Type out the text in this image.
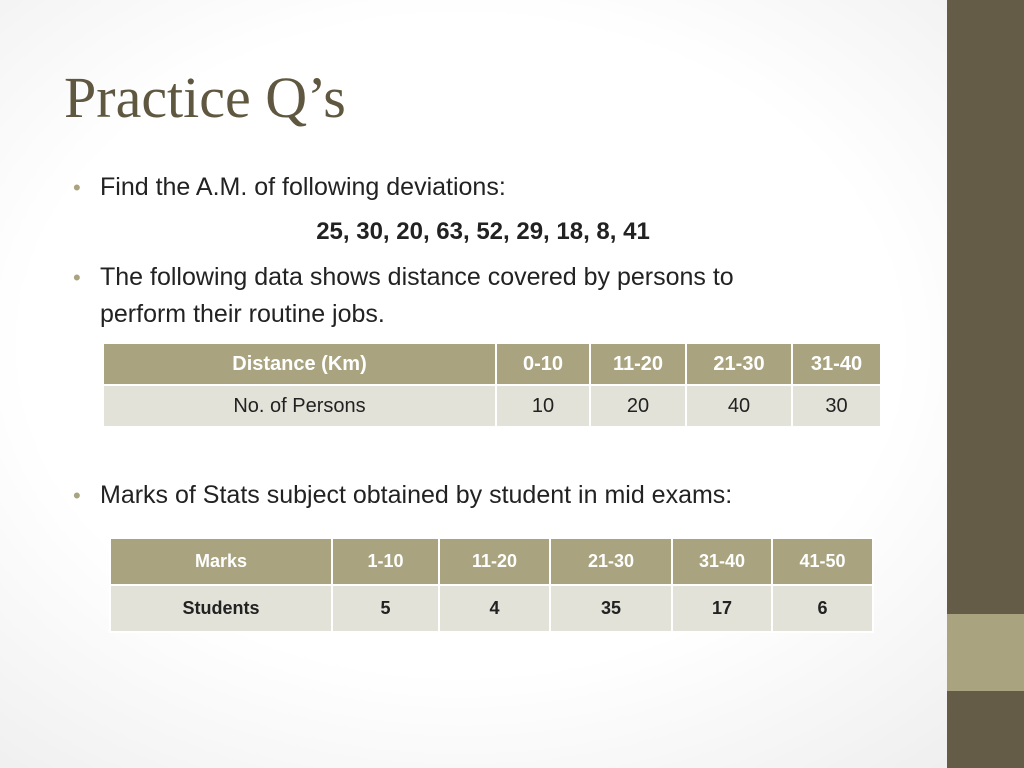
Practice Q’s
• Find the A.M. of following deviations:
25, 30, 20, 63, 52, 29, 18, 8, 41
• The following data shows distance covered by persons to
perform their routine jobs.
Distance (Km)	0-10	11-20	21-30	31-40
No. of Persons	10	20	40	30
• Marks of Stats subject obtained by student in mid exams:
Marks	1-10	11-20	21-30	31-40	41-50
Students	5	4	35	17	6
